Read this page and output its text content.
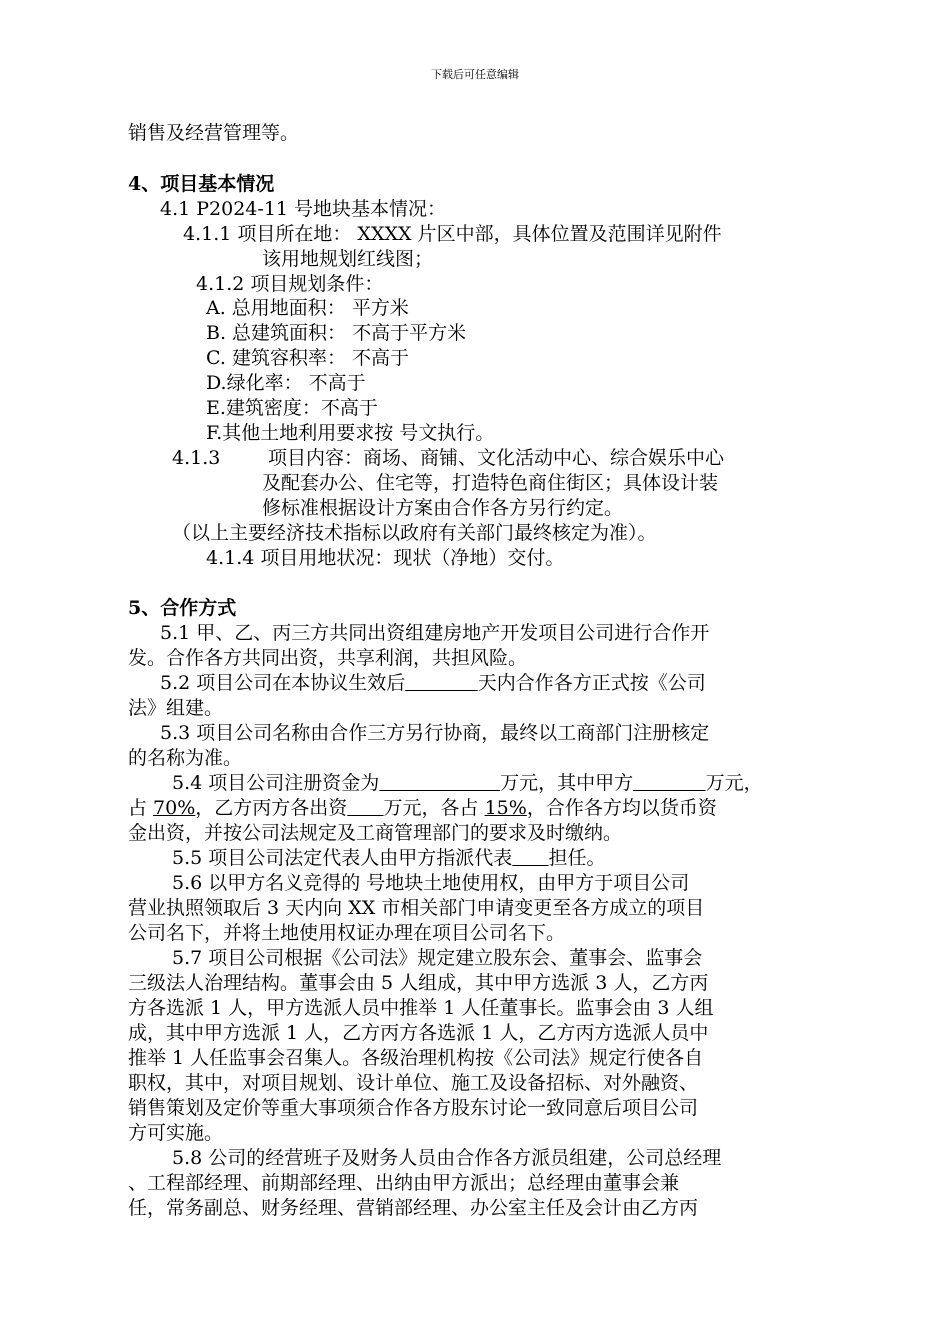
下载后可任意编辑
销售及经营管理等。
4、项目基本情况
4.1 P2024-11 号地块基本情况：
4.1.1 项目所在地： XXXX 片区中部，具体位置及范围详见附件
该用地规划红线图；
4.1.2 项目规划条件：
A. 总用地面积： 平方米
B. 总建筑面积： 不高于平方米
C. 建筑容积率： 不高于
D.绿化率： 不高于
E.建筑密度：不高于
F.其他土地利用要求按 号文执行。
4.1.3	项目内容：商场、商铺、文化活动中心、综合娱乐中心
及配套办公、住宅等，打造特色商住街区；具体设计装
修标准根据设计方案由合作各方另行约定。
（以上主要经济技术指标以政府有关部门最终核定为准）。
4.1.4 项目用地状况：现状（净地）交付。
5、合作方式
5.1 甲、乙、丙三方共同出资组建房地产开发项目公司进行合作开
发。合作各方共同出资，共享利润，共担风险。
5.2 项目公司在本协议生效后	天内合作各方正式按《公司
法》组建。
5.3 项目公司名称由合作三方另行协商，最终以工商部门注册核定
的名称为准。
5.4 项目公司注册资金为	万元，其中甲方	万元，
占 70%，乙方丙方各出资 万元，各占 15%，合作各方均以货币资
金出资，并按公司法规定及工商管理部门的要求及时缴纳。
5.5 项目公司法定代表人由甲方指派代表 担任。
5.6 以甲方名义竞得的 号地块土地使用权，由甲方于项目公司
营业执照领取后 3 天内向 XX 市相关部门申请变更至各方成立的项目
公司名下，并将土地使用权证办理在项目公司名下。
5.7 项目公司根据《公司法》规定建立股东会、董事会、监事会
三级法人治理结构。董事会由 5 人组成，其中甲方选派 3 人，乙方丙
方各选派 1 人，甲方选派人员中推举 1 人任董事长。监事会由 3 人组
成，其中甲方选派 1 人，乙方丙方各选派 1 人，乙方丙方选派人员中
推举 1 人任监事会召集人。各级治理机构按《公司法》规定行使各自
职权，其中，对项目规划、设计单位、施工及设备招标、对外融资、
销售策划及定价等重大事项须合作各方股东讨论一致同意后项目公司
方可实施。
5.8 公司的经营班子及财务人员由合作各方派员组建，公司总经理
、工程部经理、前期部经理、出纳由甲方派出；总经理由董事会兼
任，常务副总、财务经理、营销部经理、办公室主任及会计由乙方丙
